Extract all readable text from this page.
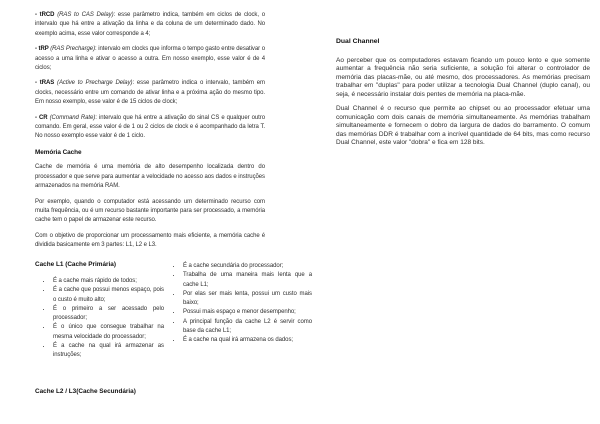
- tRCD (RAS to CAS Delay): esse parâmetro indica, também em ciclos de clock, o intervalo que há entre a ativação da linha e da coluna de um determinado dado. No exemplo acima, esse valor corresponde a 4;

- tRP (RAS Precharge): intervalo em clocks que informa o tempo gasto entre desativar o acesso a uma linha e ativar o acesso a outra. Em nosso exemplo, esse valor é de 4 ciclos;

- tRAS (Active to Precharge Delay): esse parâmetro indica o intervalo, também em clocks, necessário entre um comando de ativar linha e a próxima ação do mesmo tipo. Em nosso exemplo, esse valor é de 15 ciclos de clock;

- CR (Command Rate): intervalo que há entre a ativação do sinal CS e qualquer outro comando. Em geral, esse valor é de 1 ou 2 ciclos de clock e é acompanhado da letra T. No nosso exemplo esse valor é de 1 ciclo.

Memória Cache

Cache de memória é uma memória de alto desempenho localizada dentro do processador e que serve para aumentar a velocidade no acesso aos dados e instruções armazenados na memória RAM.

Por exemplo, quando o computador está acessando um determinado recurso com muita frequência, ou é um recurso bastante importante para ser processado, a memória cache tem o papel de armazenar este recurso.

Com o objetivo de proporcionar um processamento mais eficiente, a memória cache é dividida basicamente em 3 partes: L1, L2 e L3.

Cache L1 (Cache Primária)
• É a cache mais rápido de todos;
• É a cache que possui menos espaço, pois o custo é muito alto;
• É o primeiro a ser acessado pelo processador;
• É o único que consegue trabalhar na mesma velocidade do processador;
• É a cache na qual irá armazenar as instruções;
• É a cache secundária do processador;
• Trabalha de uma maneira mais lenta que a cache L1;
• Por elas ser mais lenta, possui um custo mais baixo;
• Possui mais espaço e menor desempenho;
• A principal função da cache L2 é servir como base da cache L1;
• É a cache na qual irá armazena os dados;
Cache L2 / L3(Cache Secundária)
Dual Channel

Ao perceber que os computadores estavam ficando um pouco lento e que somente aumentar a frequência não seria suficiente, a solução foi alterar o controlador de memória das placas-mãe, ou até mesmo, dos processadores. As memórias precisam trabalhar em "duplas" para poder utilizar a tecnologia Dual Channel (duplo canal), ou seja, é necessário instalar dois pentes de memória na placa-mãe.

Dual Channel é o recurso que permite ao chipset ou ao processador efetuar uma comunicação com dois canais de memória simultaneamente. As memórias trabalham simultaneamente e fornecem o dobro da largura de dados do barramento. O comum das memórias DDR é trabalhar com a incrível quantidade de 64 bits, mas como recurso Dual Channel, este valor "dobra" e fica em 128 bits.
